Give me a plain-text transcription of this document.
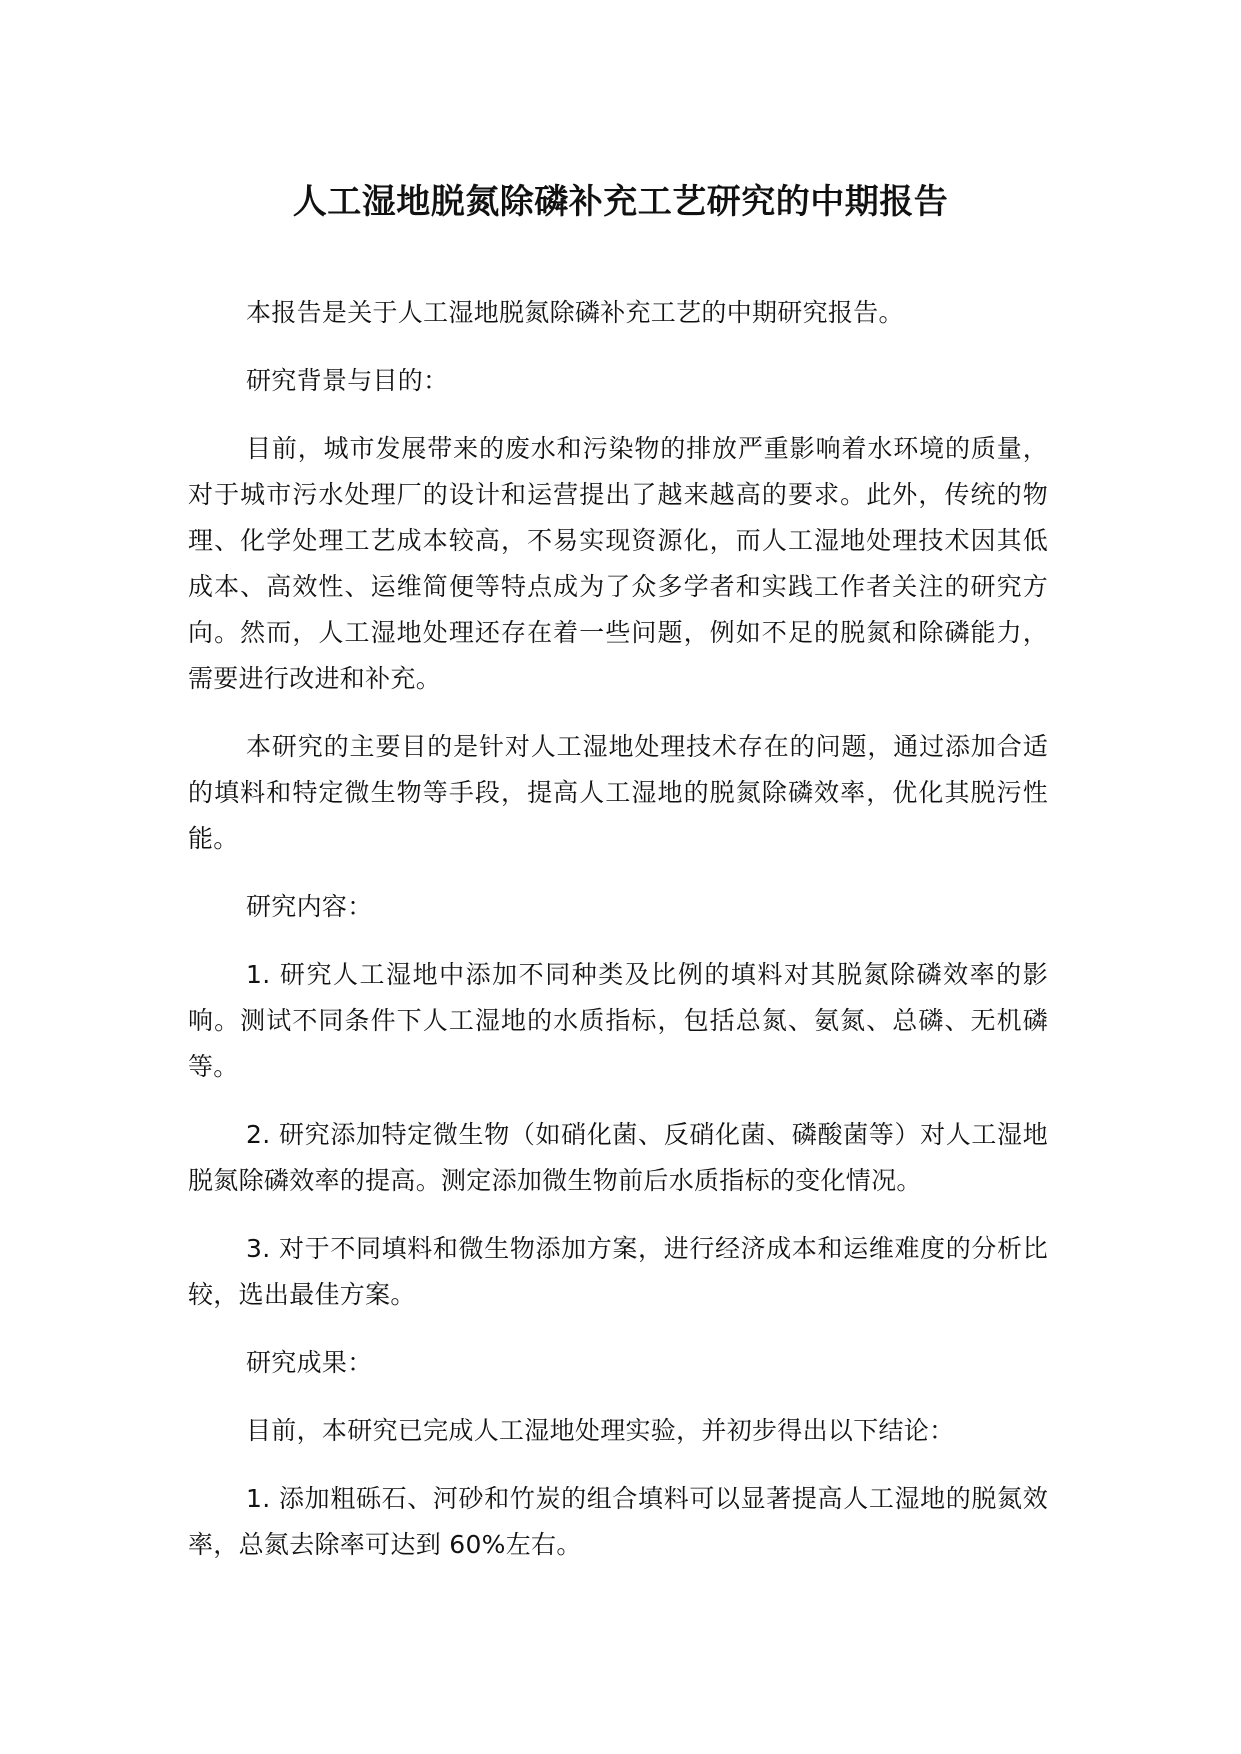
人工湿地脱氮除磷补充工艺研究的中期报告

本报告是关于人工湿地脱氮除磷补充工艺的中期研究报告。

研究背景与目的：

目前，城市发展带来的废水和污染物的排放严重影响着水环境的质量，对于城市污水处理厂的设计和运营提出了越来越高的要求。此外，传统的物理、化学处理工艺成本较高，不易实现资源化，而人工湿地处理技术因其低成本、高效性、运维简便等特点成为了众多学者和实践工作者关注的研究方向。然而，人工湿地处理还存在着一些问题，例如不足的脱氮和除磷能力，需要进行改进和补充。

本研究的主要目的是针对人工湿地处理技术存在的问题，通过添加合适的填料和特定微生物等手段，提高人工湿地的脱氮除磷效率，优化其脱污性能。

研究内容：

1. 研究人工湿地中添加不同种类及比例的填料对其脱氮除磷效率的影响。测试不同条件下人工湿地的水质指标，包括总氮、氨氮、总磷、无机磷等。

2. 研究添加特定微生物（如硝化菌、反硝化菌、磷酸菌等）对人工湿地脱氮除磷效率的提高。测定添加微生物前后水质指标的变化情况。

3. 对于不同填料和微生物添加方案，进行经济成本和运维难度的分析比较，选出最佳方案。

研究成果：

目前，本研究已完成人工湿地处理实验，并初步得出以下结论：

1. 添加粗砾石、河砂和竹炭的组合填料可以显著提高人工湿地的脱氮效率，总氮去除率可达到 60%左右。
